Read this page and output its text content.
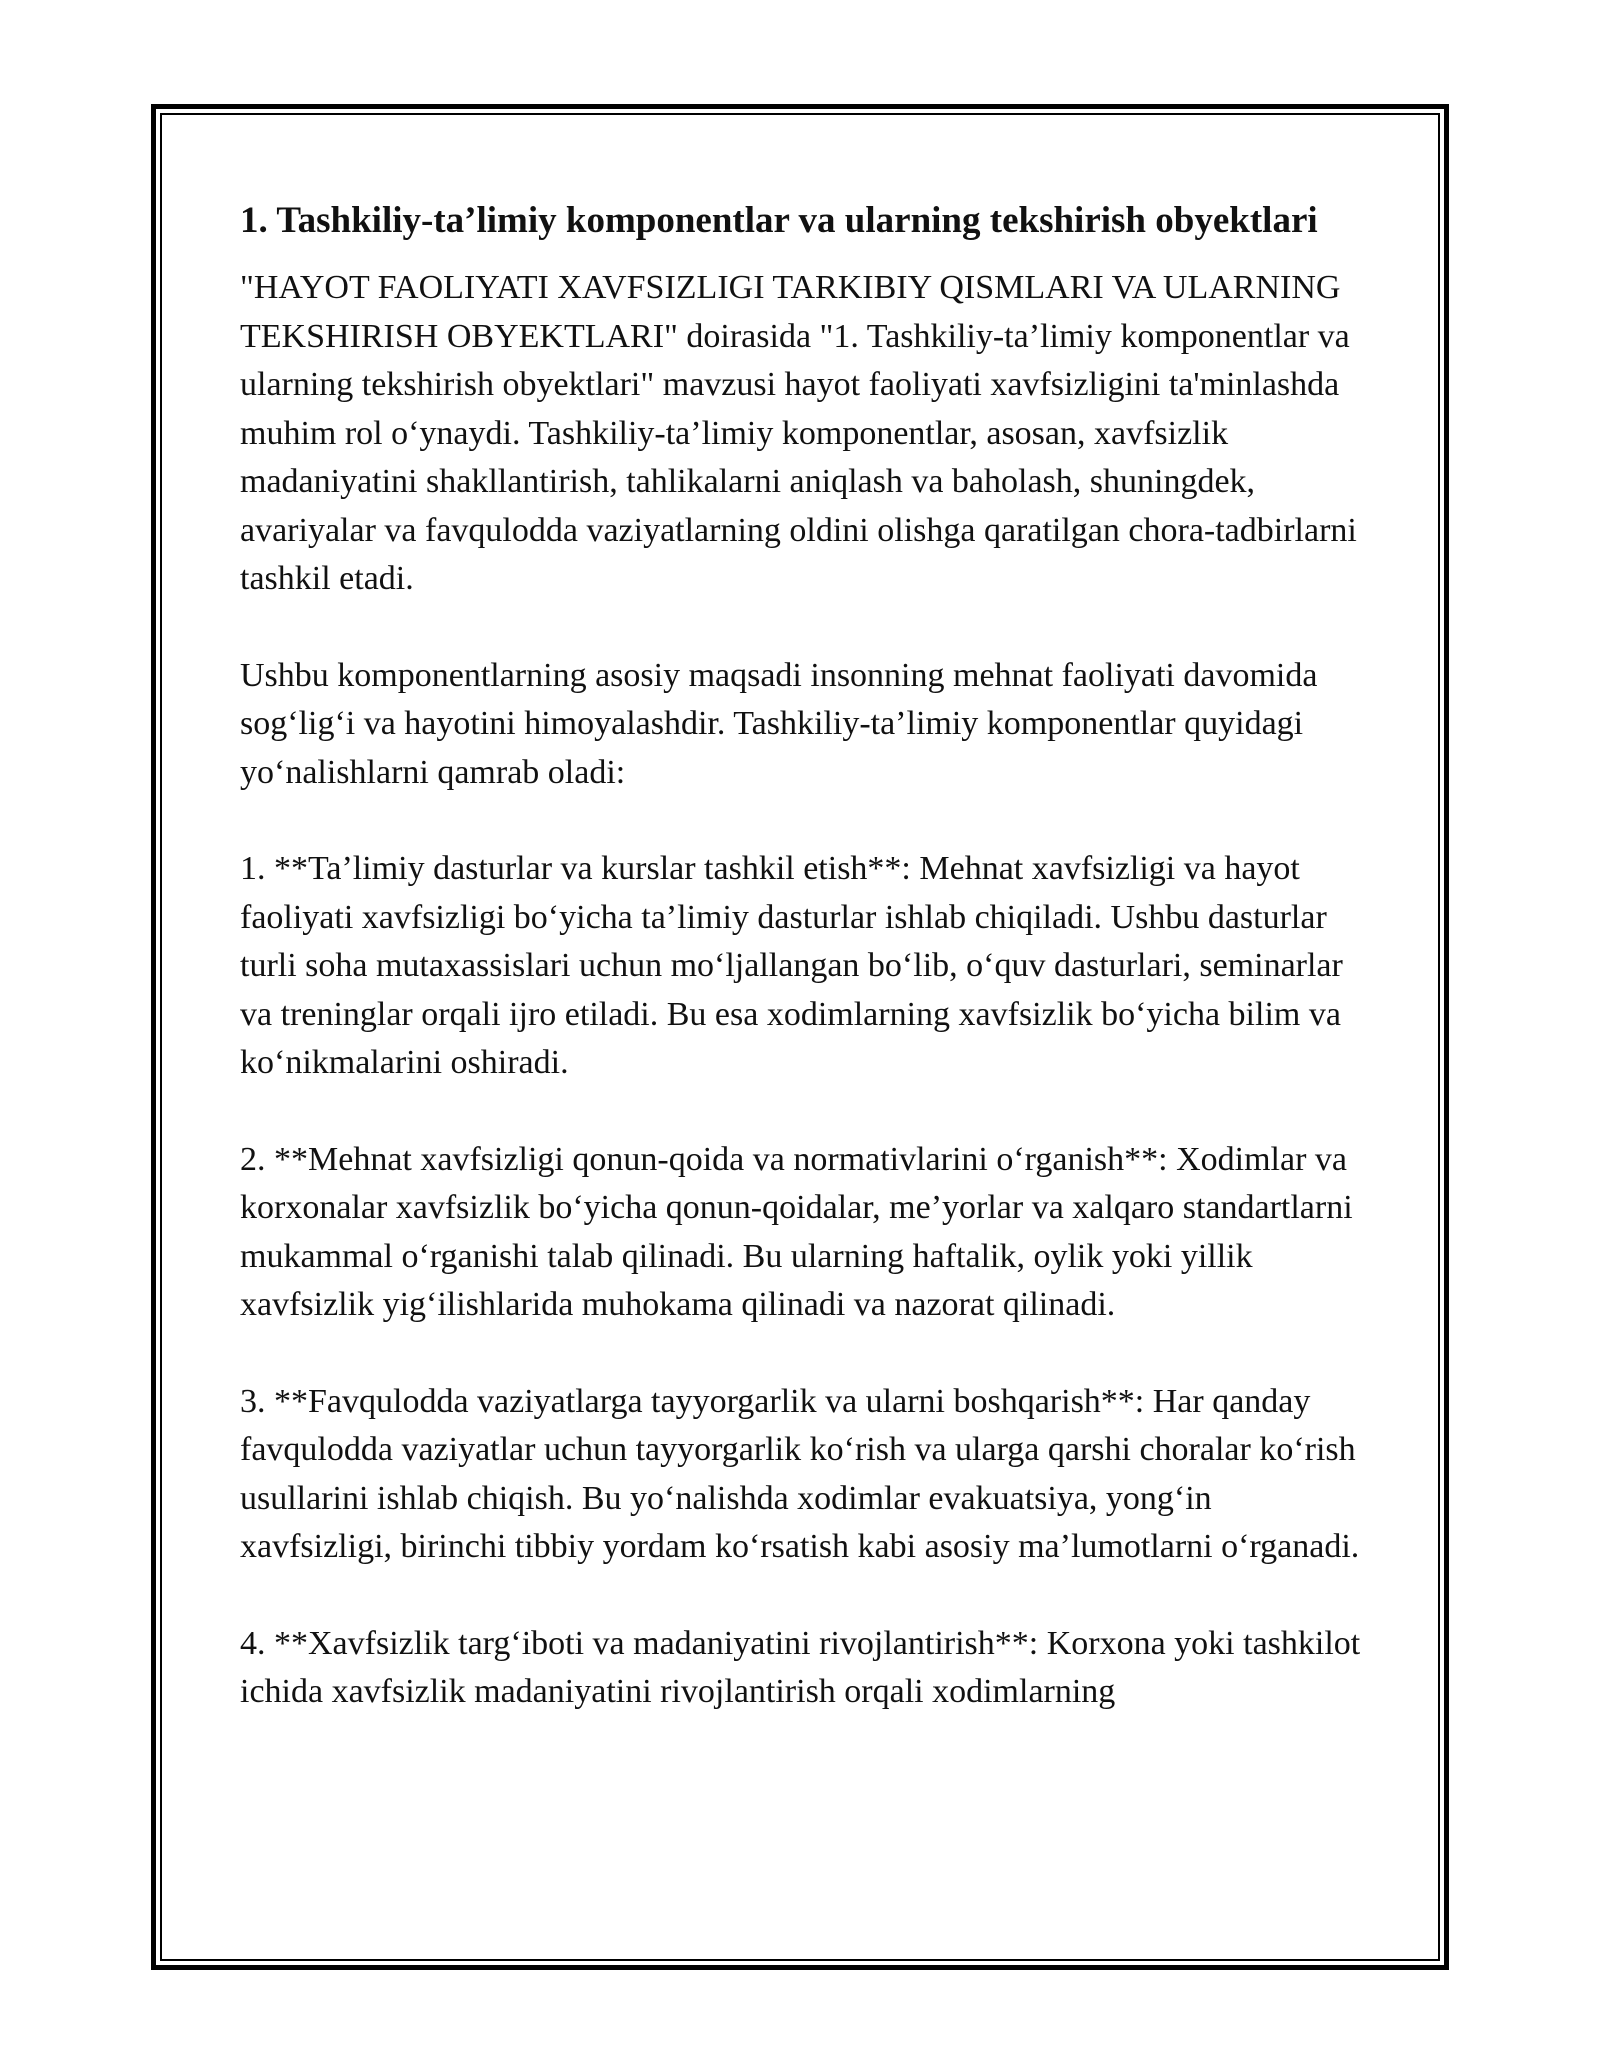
1. Tashkiliy-ta’limiy komponentlar va ularning tekshirish obyektlari

"HAYOT FAOLIYATI XAVFSIZLIGI TARKIBIY QISMLARI VA ULARNING TEKSHIRISH OBYEKTLARI" doirasida "1. Tashkiliy-ta’limiy komponentlar va ularning tekshirish obyektlari" mavzusi hayot faoliyati xavfsizligini ta'minlashda muhim rol o‘ynaydi. Tashkiliy-ta’limiy komponentlar, asosan, xavfsizlik madaniyatini shakllantirish, tahlikalarni aniqlash va baholash, shuningdek, avariyalar va favqulodda vaziyatlarning oldini olishga qaratilgan chora-tadbirlarni tashkil etadi.

Ushbu komponentlarning asosiy maqsadi insonning mehnat faoliyati davomida sog‘lig‘i va hayotini himoyalashdir. Tashkiliy-ta’limiy komponentlar quyidagi yo‘nalishlarni qamrab oladi:

1. **Ta’limiy dasturlar va kurslar tashkil etish**: Mehnat xavfsizligi va hayot faoliyati xavfsizligi bo‘yicha ta’limiy dasturlar ishlab chiqiladi. Ushbu dasturlar turli soha mutaxassislari uchun mo‘ljallangan bo‘lib, o‘quv dasturlari, seminarlar va treninglar orqali ijro etiladi. Bu esa xodimlarning xavfsizlik bo‘yicha bilim va ko‘nikmalarini oshiradi.

2. **Mehnat xavfsizligi qonun-qoida va normativlarini o‘rganish**: Xodimlar va korxonalar xavfsizlik bo‘yicha qonun-qoidalar, me’yorlar va xalqaro standartlarni mukammal o‘rganishi talab qilinadi. Bu ularning haftalik, oylik yoki yillik xavfsizlik yig‘ilishlarida muhokama qilinadi va nazorat qilinadi.

3. **Favqulodda vaziyatlarga tayyorgarlik va ularni boshqarish**: Har qanday favqulodda vaziyatlar uchun tayyorgarlik ko‘rish va ularga qarshi choralar ko‘rish usullarini ishlab chiqish. Bu yo‘nalishda xodimlar evakuatsiya, yong‘in xavfsizligi, birinchi tibbiy yordam ko‘rsatish kabi asosiy ma’lumotlarni o‘rganadi.

4. **Xavfsizlik targ‘iboti va madaniyatini rivojlantirish**: Korxona yoki tashkilot ichida xavfsizlik madaniyatini rivojlantirish orqali xodimlarning
